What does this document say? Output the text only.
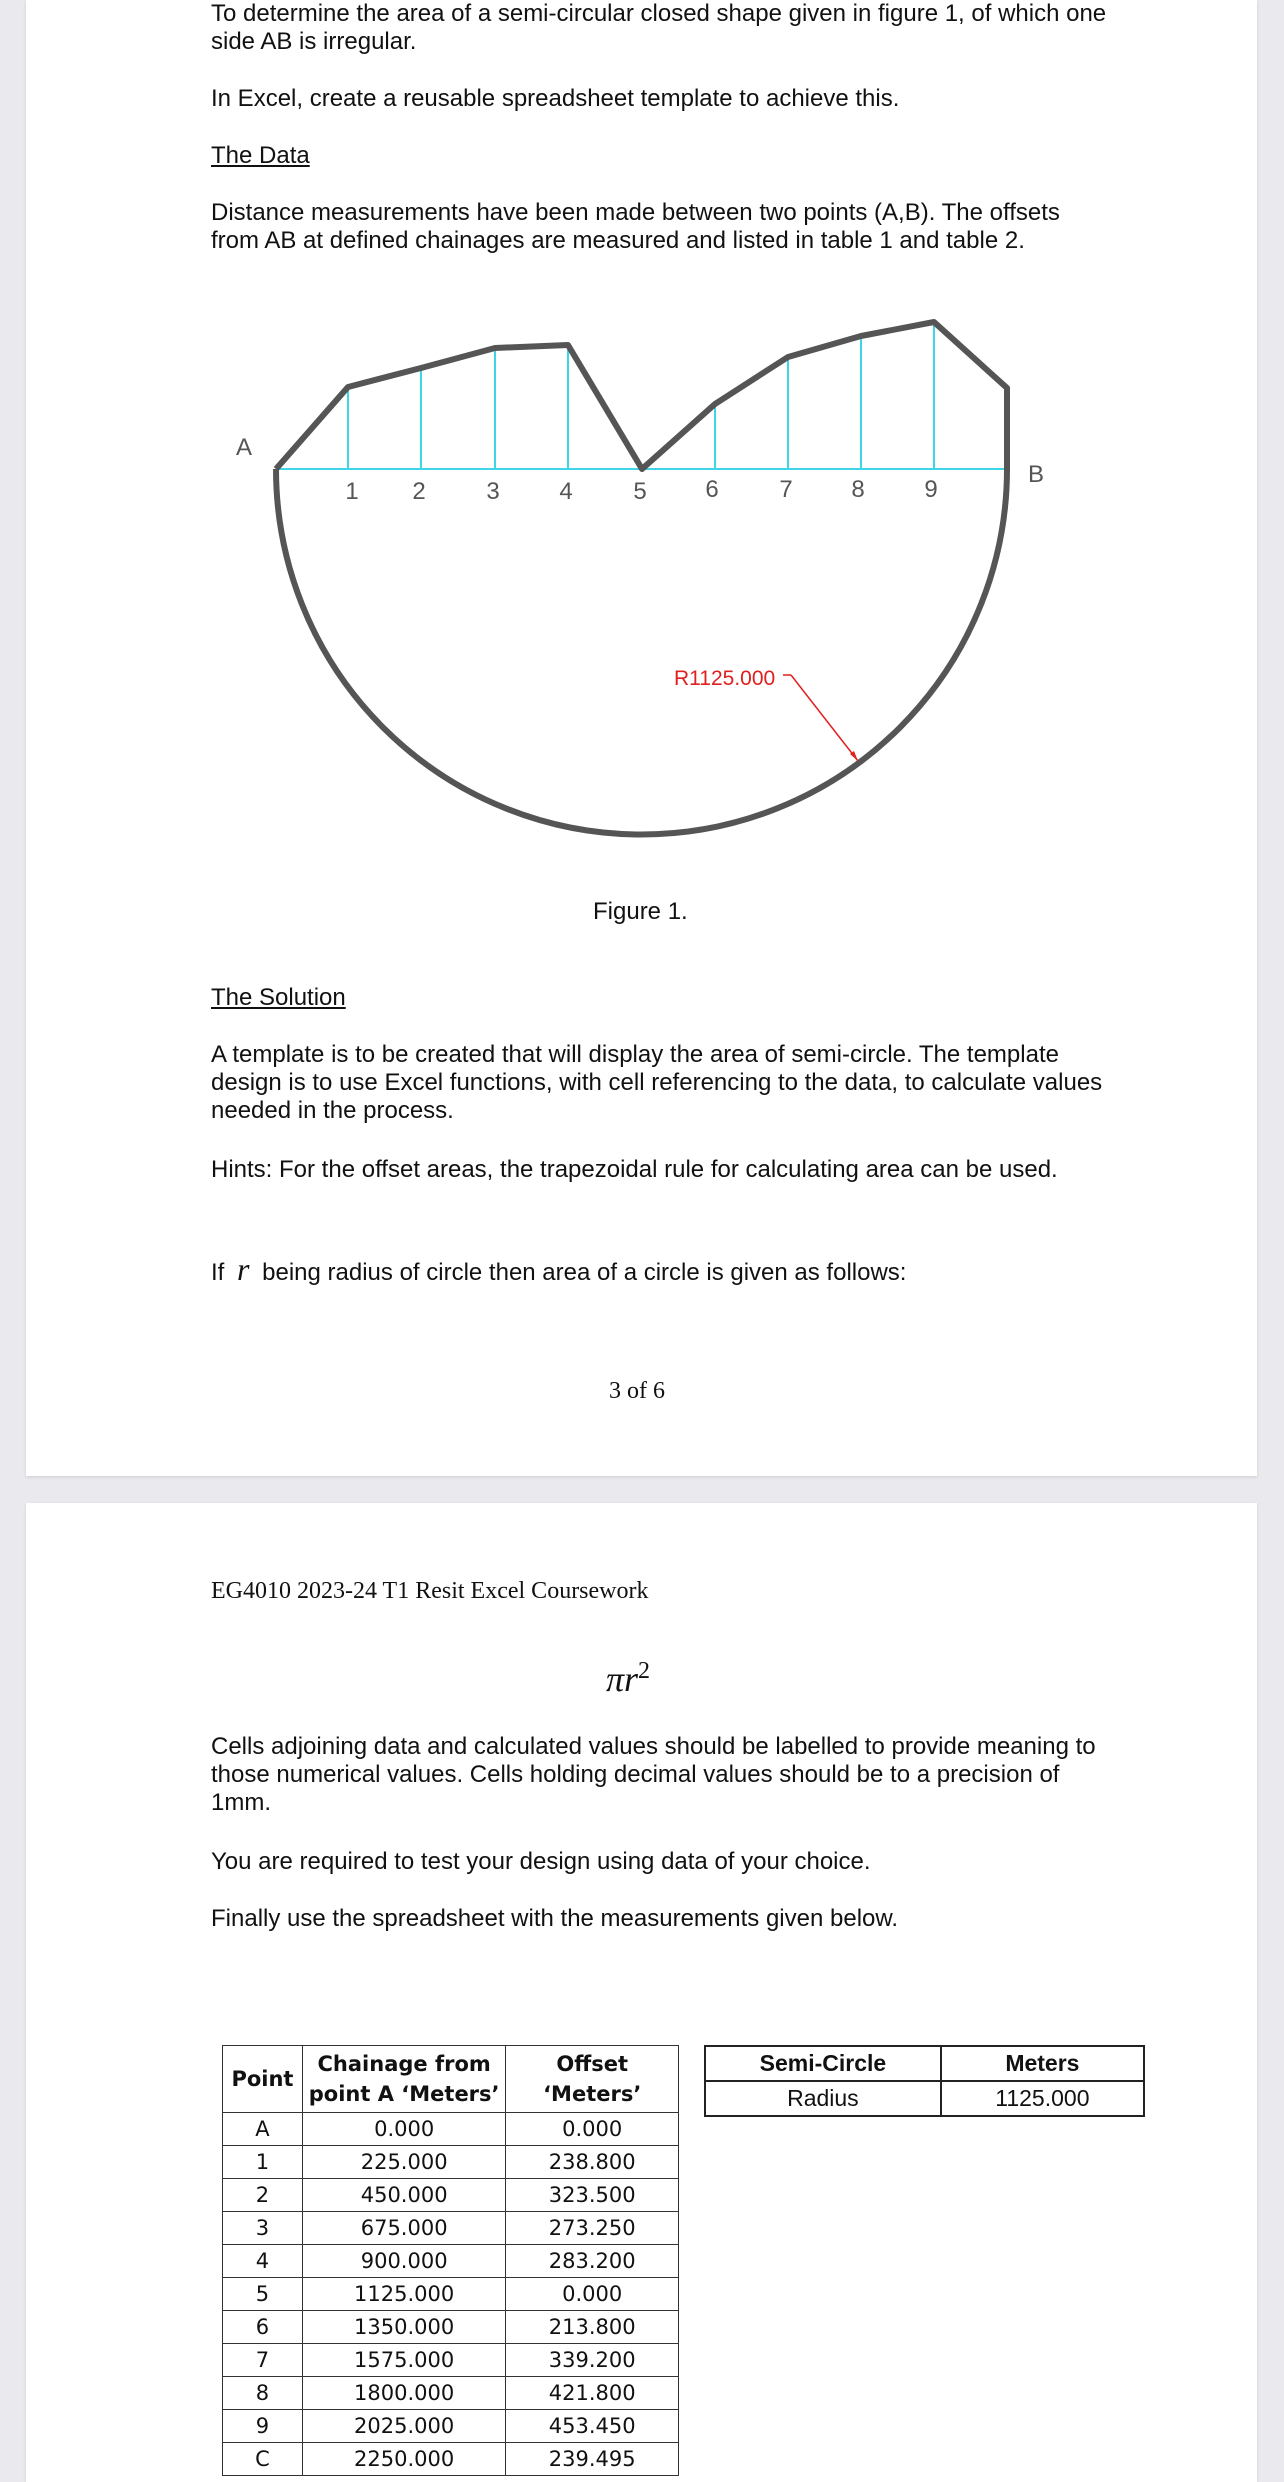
To determine the area of a semi-circular closed shape given in figure 1, of which one side AB is irregular.

In Excel, create a reusable spreadsheet template to achieve this.

The Data

Distance measurements have been made between two points (A,B). The offsets from AB at defined chainages are measured and listed in table 1 and table 2.

R1125.000
A
B
1 2	3 4	5 6	7 8 9

Figure 1.

The Solution

A template is to be created that will display the area of semi-circle. The template design is to use Excel functions, with cell referencing to the data, to calculate values needed in the process.

Hints: For the offset areas, the trapezoidal rule for calculating area can be used.

If r being radius of circle then area of a circle is given as follows:

3 of 6

EG4010 2023-24 T1 Resit Excel Coursework

$\pi r^2$

Cells adjoining data and calculated values should be labelled to provide meaning to those numerical values. Cells holding decimal values should be to a precision of 1mm.

You are required to test your design using data of your choice.

Finally use the spreadsheet with the measurements given below.

Point	Chainage from point A ‘Meters’	Offset ‘Meters’
A	0.000	0.000
1	225.000	238.800
2	450.000	323.500
3	675.000	273.250
4	900.000	283.200
5	1125.000	0.000
6	1350.000	213.800
7	1575.000	339.200
8	1800.000	421.800
9	2025.000	453.450
C	2250.000	239.495
Semi-Circle	Meters
Radius	1125.000
